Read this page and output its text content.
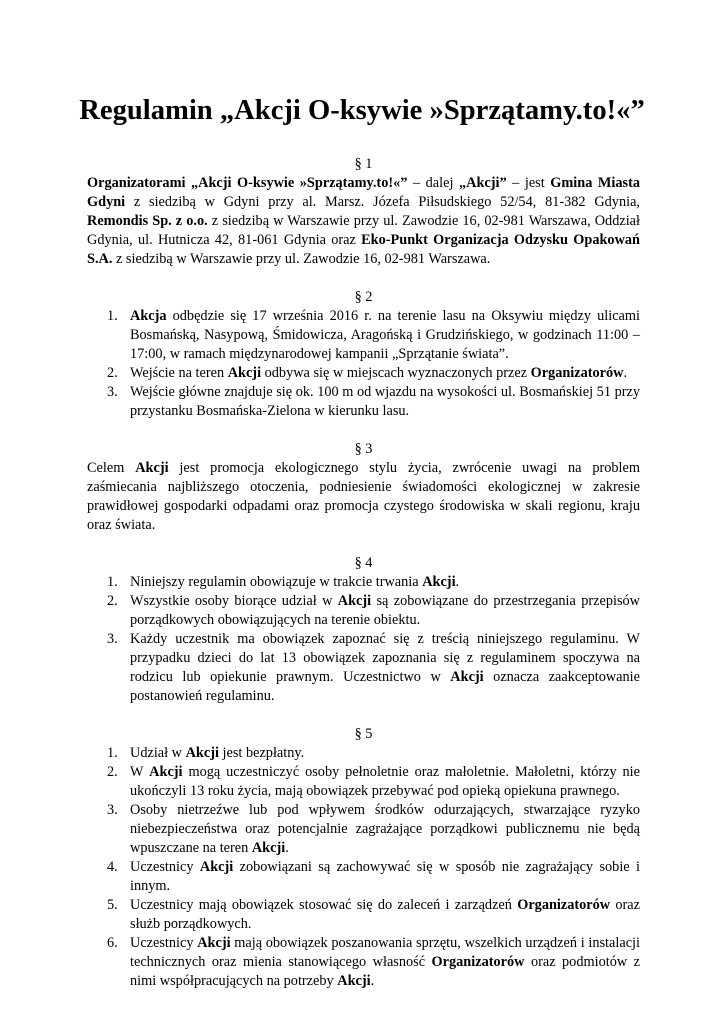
Regulamin „Akcji O-ksywie »Sprzątamy.to!«”

§ 1

Organizatorami „Akcji O-ksywie »Sprzątamy.to!«” – dalej „Akcji” – jest Gmina Miasta Gdyni z siedzibą w Gdyni przy al. Marsz. Józefa Piłsudskiego 52/54, 81-382 Gdynia, Remondis Sp. z o.o. z siedzibą w Warszawie przy ul. Zawodzie 16, 02-981 Warszawa, Oddział Gdynia, ul. Hutnicza 42, 81-061 Gdynia oraz Eko-Punkt Organizacja Odzysku Opakowań S.A. z siedzibą w Warszawie przy ul. Zawodzie 16, 02-981 Warszawa.

§ 2

1. Akcja odbędzie się 17 września 2016 r. na terenie lasu na Oksywiu między ulicami Bosmańską, Nasypową, Śmidowicza, Aragońską i Grudzińskiego, w godzinach 11:00 – 17:00, w ramach międzynarodowej kampanii „Sprzątanie świata”.
2. Wejście na teren Akcji odbywa się w miejscach wyznaczonych przez Organizatorów.
3. Wejście główne znajduje się ok. 100 m od wjazdu na wysokości ul. Bosmańskiej 51 przy przystanku Bosmańska-Zielona w kierunku lasu.

§ 3

Celem Akcji jest promocja ekologicznego stylu życia, zwrócenie uwagi na problem zaśmiecania najbliższego otoczenia, podniesienie świadomości ekologicznej w zakresie prawidłowej gospodarki odpadami oraz promocja czystego środowiska w skali regionu, kraju oraz świata.

§ 4

1. Niniejszy regulamin obowiązuje w trakcie trwania Akcji.
2. Wszystkie osoby biorące udział w Akcji są zobowiązane do przestrzegania przepisów porządkowych obowiązujących na terenie obiektu.
3. Każdy uczestnik ma obowiązek zapoznać się z treścią niniejszego regulaminu. W przypadku dzieci do lat 13 obowiązek zapoznania się z regulaminem spoczywa na rodzicu lub opiekunie prawnym. Uczestnictwo w Akcji oznacza zaakceptowanie postanowień regulaminu.

§ 5

1. Udział w Akcji jest bezpłatny.
2. W Akcji mogą uczestniczyć osoby pełnoletnie oraz małoletnie. Małoletni, którzy nie ukończyli 13 roku życia, mają obowiązek przebywać pod opieką opiekuna prawnego.
3. Osoby nietrzeźwe lub pod wpływem środków odurzających, stwarzające ryzyko niebezpieczeństwa oraz potencjalnie zagrażające porządkowi publicznemu nie będą wpuszczane na teren Akcji.
4. Uczestnicy Akcji zobowiązani są zachowywać się w sposób nie zagrażający sobie i innym.
5. Uczestnicy mają obowiązek stosować się do zaleceń i zarządzeń Organizatorów oraz służb porządkowych.
6. Uczestnicy Akcji mają obowiązek poszanowania sprzętu, wszelkich urządzeń i instalacji technicznych oraz mienia stanowiącego własność Organizatorów oraz podmiotów z nimi współpracujących na potrzeby Akcji.
